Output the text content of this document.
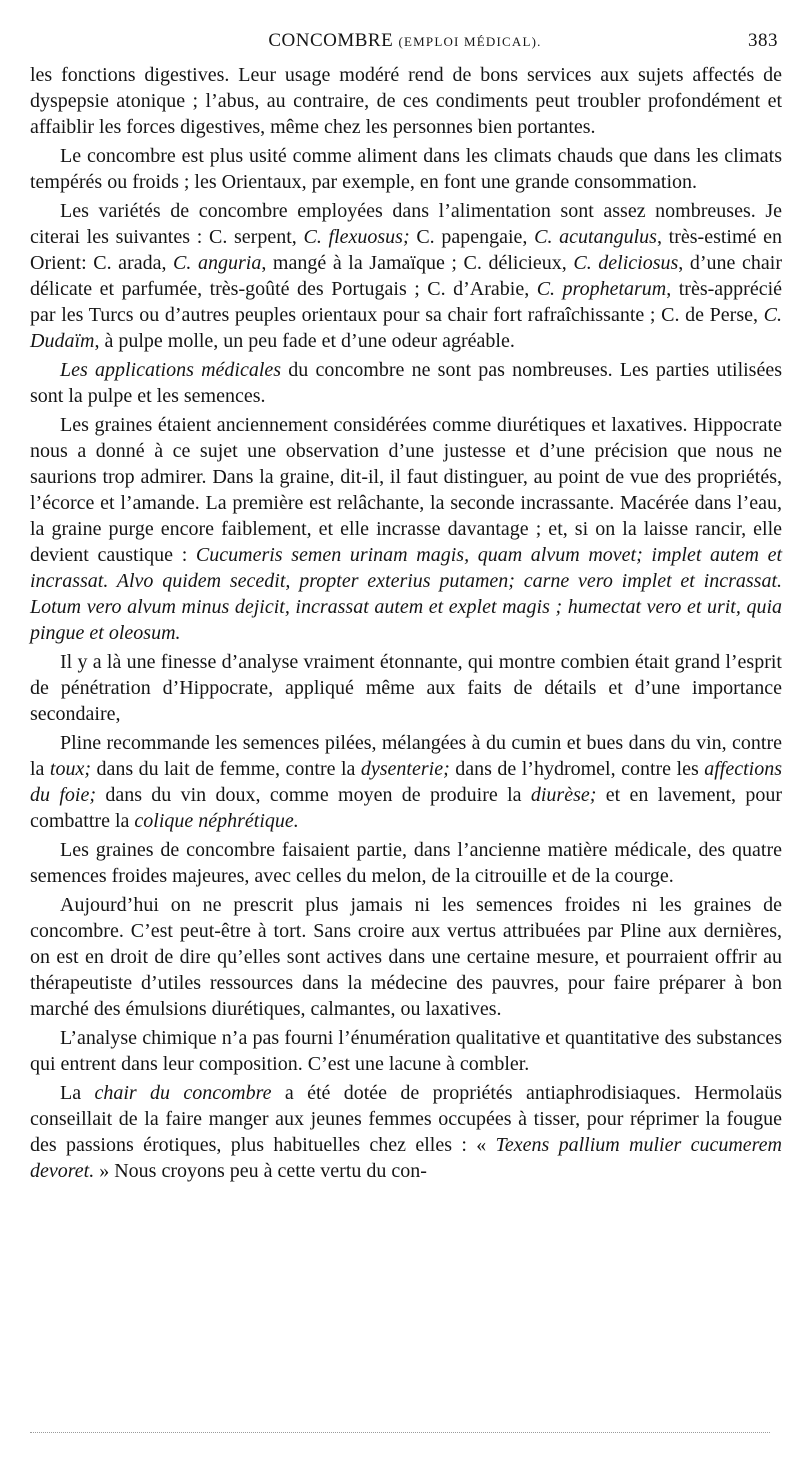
CONCOMBRE (EMPLOI MÉDICAL).	383

les fonctions digestives. Leur usage modéré rend de bons services aux sujets affectés de dyspepsie atonique ; l’abus, au contraire, de ces condiments peut troubler profondément et affaiblir les forces digestives, même chez les personnes bien portantes.

Le concombre est plus usité comme aliment dans les climats chauds que dans les climats tempérés ou froids ; les Orientaux, par exemple, en font une grande consommation.

Les variétés de concombre employées dans l’alimentation sont assez nombreuses. Je citerai les suivantes : C. serpent, C. flexuosus; C. papengaie, C. acutangulus, très-estimé en Orient: C. arada, C. anguria, mangé à la Jamaïque ; C. délicieux, C. deliciosus, d’une chair délicate et parfumée, très-goûté des Portugais ; C. d’Arabie, C. prophetarum, très-apprécié par les Turcs ou d’autres peuples orientaux pour sa chair fort rafraîchissante ; C. de Perse, C. Dudaïm, à pulpe molle, un peu fade et d’une odeur agréable.

Les applications médicales du concombre ne sont pas nombreuses. Les parties utilisées sont la pulpe et les semences.

Les graines étaient anciennement considérées comme diurétiques et laxatives. Hippocrate nous a donné à ce sujet une observation d’une justesse et d’une précision que nous ne saurions trop admirer. Dans la graine, dit-il, il faut distinguer, au point de vue des propriétés, l’écorce et l’amande. La première est relâchante, la seconde incrassante. Macérée dans l’eau, la graine purge encore faiblement, et elle incrasse davantage ; et, si on la laisse rancir, elle devient caustique : Cucumeris semen urinam magis, quam alvum movet; implet autem et incrassat. Alvo quidem secedit, propter exterius putamen; carne vero implet et incrassat. Lotum vero alvum minus dejicit, incrassat autem et explet magis ; humectat vero et urit, quia pingue et oleosum.

Il y a là une finesse d’analyse vraiment étonnante, qui montre combien était grand l’esprit de pénétration d’Hippocrate, appliqué même aux faits de détails et d’une importance secondaire,

Pline recommande les semences pilées, mélangées à du cumin et bues dans du vin, contre la toux; dans du lait de femme, contre la dysenterie; dans de l’hydromel, contre les affections du foie; dans du vin doux, comme moyen de produire la diurèse; et en lavement, pour combattre la colique néphrétique.

Les graines de concombre faisaient partie, dans l’ancienne matière médicale, des quatre semences froides majeures, avec celles du melon, de la citrouille et de la courge.

Aujourd’hui on ne prescrit plus jamais ni les semences froides ni les graines de concombre. C’est peut-être à tort. Sans croire aux vertus attribuées par Pline aux dernières, on est en droit de dire qu’elles sont actives dans une certaine mesure, et pourraient offrir au thérapeutiste d’utiles ressources dans la médecine des pauvres, pour faire préparer à bon marché des émulsions diurétiques, calmantes, ou laxatives.

L’analyse chimique n’a pas fourni l’énumération qualitative et quantitative des substances qui entrent dans leur composition. C’est une lacune à combler.

La chair du concombre a été dotée de propriétés antiaphrodisiaques. Hermolaüs conseillait de la faire manger aux jeunes femmes occupées à tisser, pour réprimer la fougue des passions érotiques, plus habituelles chez elles : « Texens pallium mulier cucumerem devoret. » Nous croyons peu à cette vertu du con-
